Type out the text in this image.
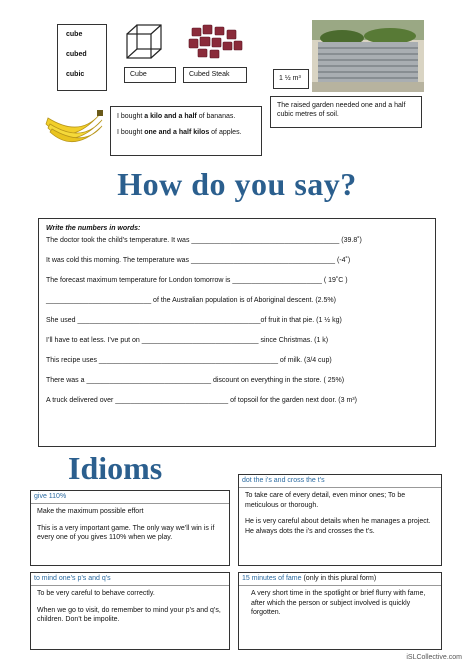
cube
cubed
cubic	Cube	Cubed Steak
1 ½ m³
I bought a kilo and a half of bananas.
I bought one and a half kilos of apples.
The raised garden needed one and a half cubic metres of soil.
How do you say?
Write the numbers in words:
The doctor took the child’s temperature. It was ______________________________________ (39.8˚)
It was cold this morning. The temperature was _____________________________________ (-4˚)
The forecast maximum temperature for London tomorrow is _______________________ ( 19˚C )
___________________________ of the Australian population is of Aboriginal descent. (2.5%)
She used _______________________________________________of fruit in that pie. (1 ½ kg)
I’ll have to eat less. I’ve put on ______________________________ since Christmas. (1 k)
This recipe uses ______________________________________________ of milk. (3/4 cup)
There was a ________________________________ discount on everything in the store. ( 25%)
A truck delivered over _____________________________ of topsoil for the garden next door. (3 m³)
Idioms
give 110%

Make the maximum possible effort

This is a very important game. The only way we’ll win is if every one of you gives 110% when we play.

dot the i’s and cross the t’s

To take care of every detail, even minor ones; To be meticulous or thorough.

He is very careful about details when he manages a project. He always dots the i’s and crosses the t’s.

to mind one’s p’s and q’s

To be very careful to behave correctly.

When we go to visit, do remember to mind your p’s and q’s, children. Don’t be impolite.

15 minutes of fame (only in this plural form)

A very short time in the spotlight or brief flurry with fame, after which the person or subject involved is quickly forgotten.

iSLCollective.com
